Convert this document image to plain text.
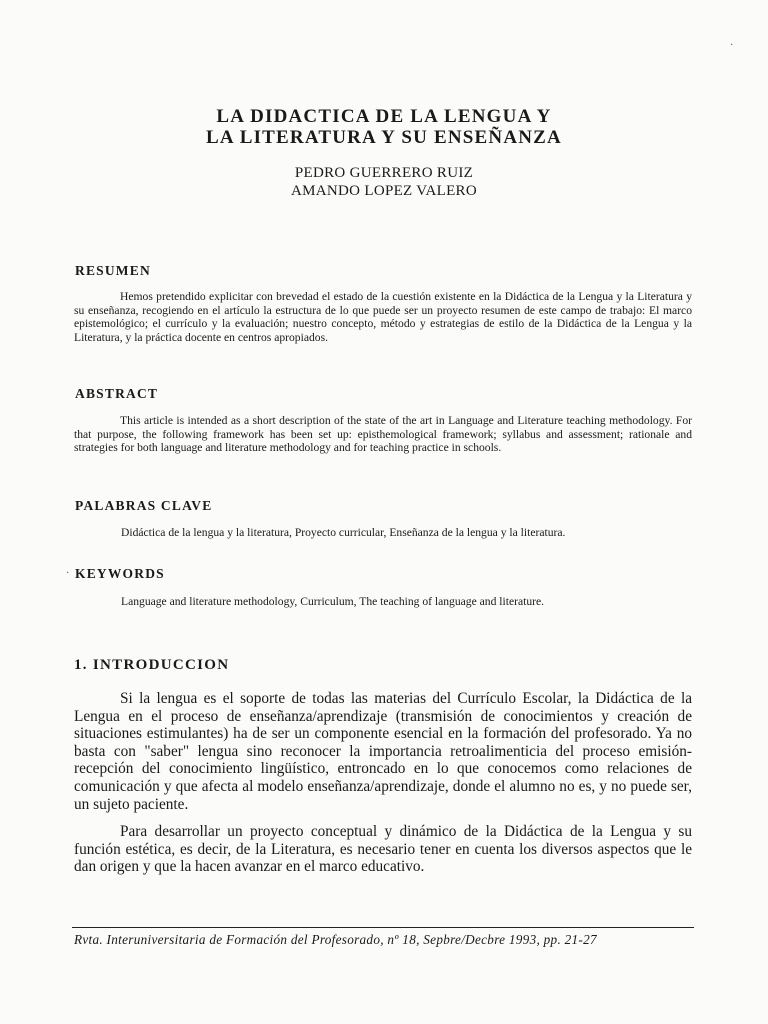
LA DIDACTICA DE LA LENGUA Y
LA LITERATURA Y SU ENSEÑANZA
PEDRO GUERRERO RUIZ
AMANDO LOPEZ VALERO
RESUMEN
Hemos pretendido explicitar con brevedad el estado de la cuestión existente en la Didáctica de la Lengua y la Literatura y su enseñanza, recogiendo en el artículo la estructura de lo que puede ser un proyecto resumen de este campo de trabajo: El marco epistemológico; el currículo y la evaluación; nuestro concepto, método y estrategias de estilo de la Didáctica de la Lengua y la Literatura, y la práctica docente en centros apropiados.
ABSTRACT
This article is intended as a short description of the state of the art in Language and Literature teaching methodology. For that purpose, the following framework has been set up: episthemological framework; syllabus and assessment; rationale and strategies for both language and literature methodology and for teaching practice in schools.
PALABRAS CLAVE
Didáctica de la lengua y la literatura, Proyecto curricular, Enseñanza de la lengua y la literatura.
KEYWORDS
Language and literature methodology, Curriculum, The teaching of language and literature.
1. INTRODUCCION
Si la lengua es el soporte de todas las materias del Currículo Escolar, la Didáctica de la Lengua en el proceso de enseñanza/aprendizaje (transmisión de conocimientos y creación de situaciones estimulantes) ha de ser un componente esencial en la formación del profesorado. Ya no basta con "saber" lengua sino reconocer la importancia retroalimenticia del proceso emisión-recepción del conocimiento lingüístico, entroncado en lo que conocemos como relaciones de comunicación y que afecta al modelo enseñanza/aprendizaje, donde el alumno no es, y no puede ser, un sujeto paciente.
Para desarrollar un proyecto conceptual y dinámico de la Didáctica de la Lengua y su función estética, es decir, de la Literatura, es necesario tener en cuenta los diversos aspectos que le dan origen y que la hacen avanzar en el marco educativo.
Rvta. Interuniversitaria de Formación del Profesorado, nº 18, Sepbre/Decbre 1993, pp. 21-27
·
·
